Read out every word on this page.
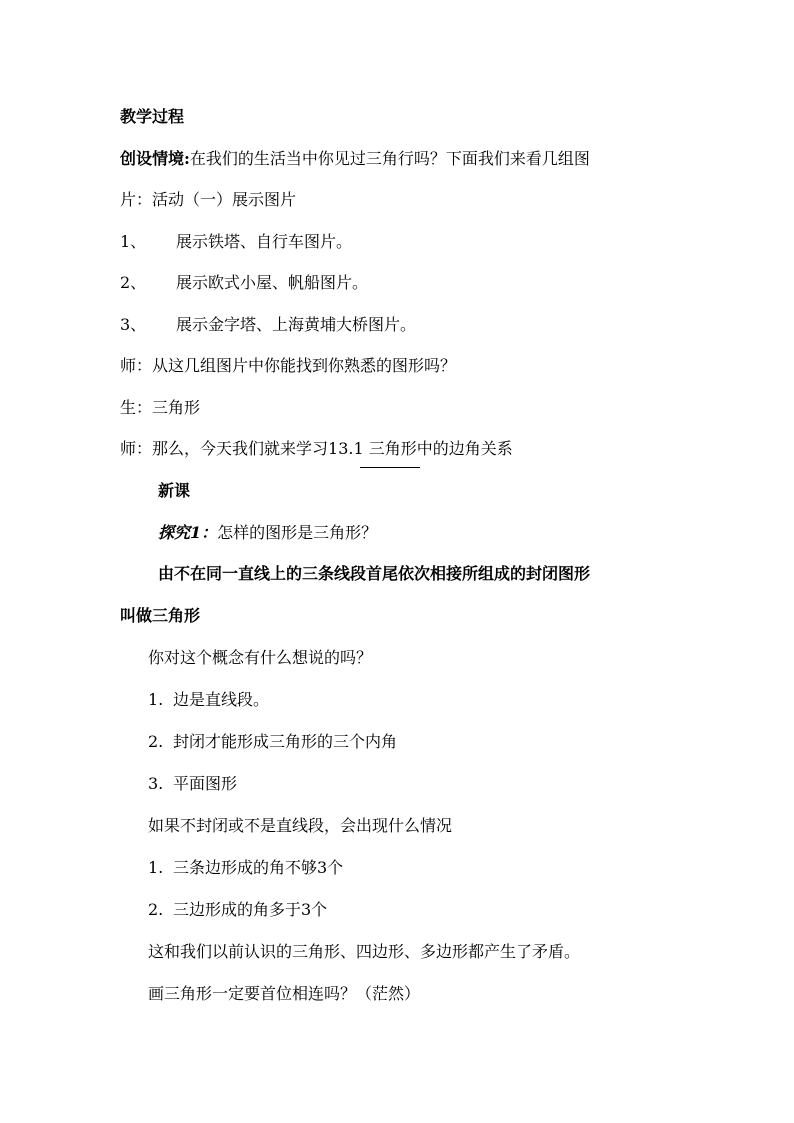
教学过程
创设情境:在我们的生活当中你见过三角行吗？下面我们来看几组图
片：活动（一）展示图片
1、 展示铁塔、自行车图片。
2、 展示欧式小屋、帆船图片。
3、 展示金字塔、上海黄埔大桥图片。
师：从这几组图片中你能找到你熟悉的图形吗？
生：三角形
师：那么，今天我们就来学习13.1 三角形中的边角关系
新课
探究1：怎样的图形是三角形？
由不在同一直线上的三条线段首尾依次相接所组成的封闭图形
叫做三角形
你对这个概念有什么想说的吗？
1. 边是直线段。
2. 封闭才能形成三角形的三个内角
3. 平面图形
如果不封闭或不是直线段，会出现什么情况
1. 三条边形成的角不够3个
2. 三边形成的角多于3个
这和我们以前认识的三角形、四边形、多边形都产生了矛盾。
画三角形一定要首位相连吗？（茫然）
